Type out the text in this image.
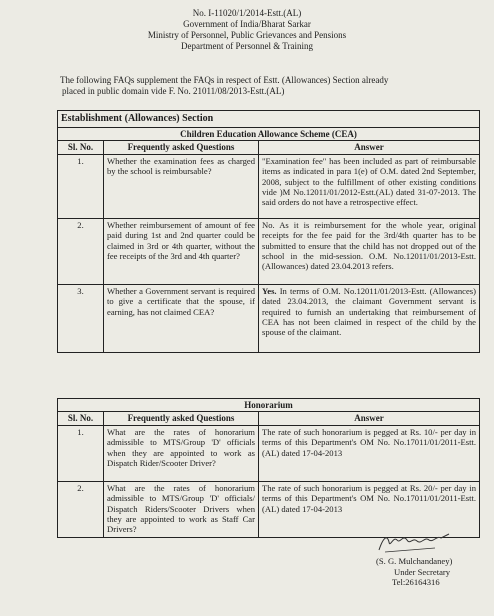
No. I-11020/1/2014-Estt.(AL)
Government of India/Bharat Sarkar
Ministry of Personnel, Public Grievances and Pensions
Department of Personnel & Training
The following FAQs supplement the FAQs in respect of Estt. (Allowances) Section already
placed in public domain vide F. No. 21011/08/2013-Estt.(AL)
Establishment (Allowances) Section		
Children Education Allowance Scheme (CEA)		
Sl. No.	Frequently asked Questions	Answer
1.	Whether the examination fees as charged by the school is reimbursable?	"Examination fee" has been included as part of reimbursable items as indicated in para 1(e) of O.M. dated 2nd September, 2008, subject to the fulfillment of other existing conditions vide )M No.12011/01/2012-Estt.(AL) dated 31-07-2013. The said orders do not have a retrospective effect.
2.	Whether reimbursement of amount of fee paid during 1st and 2nd quarter could be claimed in 3rd or 4th quarter, without the fee receipts of the 3rd and 4th quarter?	No. As it is reimbursement for the whole year, original receipts for the fee paid for the 3rd/4th quarter has to be submitted to ensure that the child has not dropped out of the school in the mid-session. O.M. No.12011/01/2013-Estt.(Allowances) dated 23.04.2013 refers.
3.	Whether a Government servant is required to give a certificate that the spouse, if earning, has not claimed CEA?	Yes. In terms of O.M. No.12011/01/2013-Estt. (Allowances) dated 23.04.2013, the claimant Government servant is required to furnish an undertaking that reimbursement of CEA has not been claimed in respect of the child by the spouse of the claimant.
Honorarium		
Sl. No.	Frequently asked Questions	Answer
1.	What are the rates of honorarium admissible to MTS/Group 'D' officials when they are appointed to work as Dispatch Rider/Scooter Driver?	The rate of such honorarium is pegged at Rs. 10/- per day in terms of this Department's OM No. No.17011/01/2011-Estt.(AL) dated 17-04-2013
2.	What are the rates of honorarium admissible to MTS/Group 'D' officials/ Dispatch Riders/Scooter Drivers when they are appointed to work as Staff Car Drivers?	The rate of such honorarium is pegged at Rs. 20/- per day in terms of this Department's OM No. No.17011/01/2011-Estt.(AL) dated 17-04-2013
(S. G. Mulchandaney)
Under Secretary
Tel:26164316
